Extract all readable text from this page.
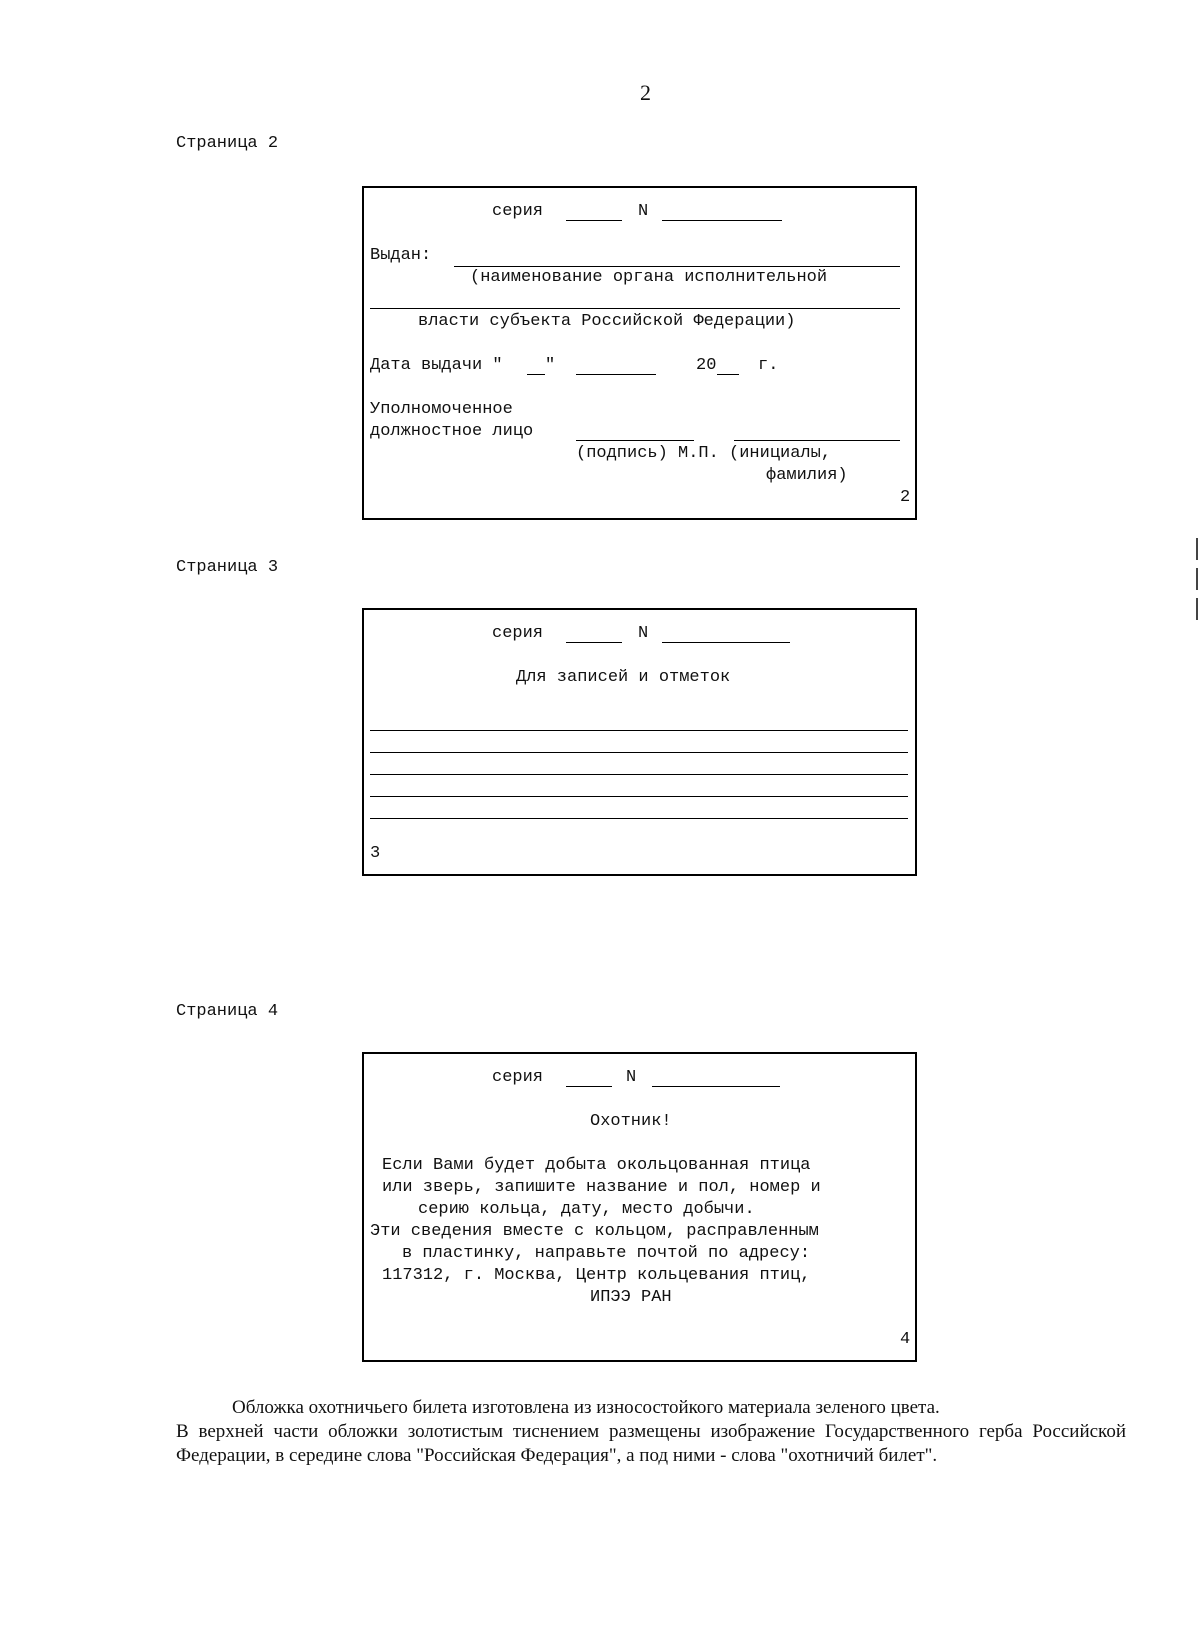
2
Страница 2
серия	N
Выдан:
(наименование органа исполнительной
власти субъекта Российской Федерации)
Дата выдачи " "	20 г.
Уполномоченное
должностное лицо
(подпись) М.П. (инициалы,
фамилия)
2
Страница 3
серия	N
Для записей и отметок
3
Страница 4
серия	N
Охотник!
Если Вами будет добыта окольцованная птица
или зверь, запишите название и пол, номер и
серию кольца, дату, место добычи.
Эти сведения вместе с кольцом, расправленным
в пластинку, направьте почтой по адресу:
117312, г. Москва, Центр кольцевания птиц,
ИПЭЭ РАН
4

Обложка охотничьего билета изготовлена из износостойкого материала зеленого цвета.

В верхней части обложки золотистым тиснением размещены изображение Государственного герба Российской Федерации, в середине слова "Российская Федерация", а под ними - слова "охотничий билет".
